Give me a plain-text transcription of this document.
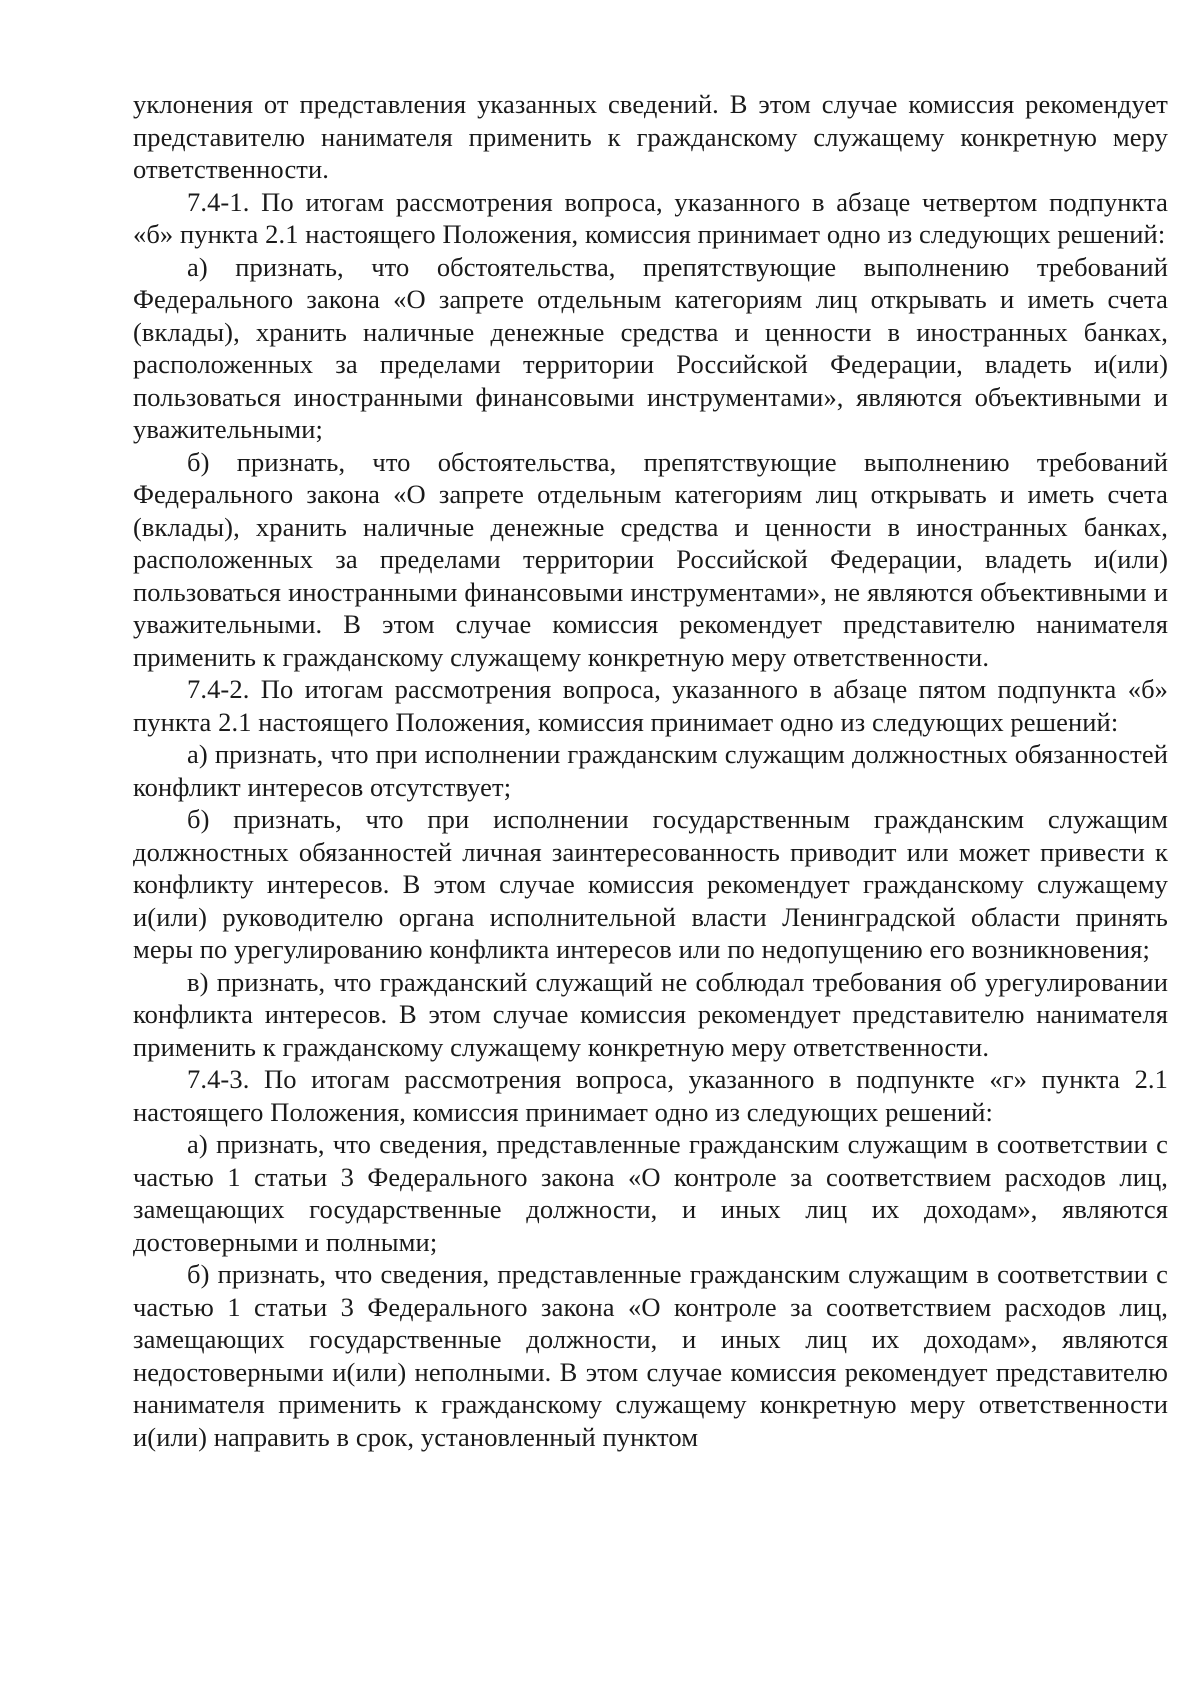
уклонения от представления указанных сведений. В этом случае комиссия рекомендует представителю нанимателя применить к гражданскому служащему конкретную меру ответственности.

7.4-1. По итогам рассмотрения вопроса, указанного в абзаце четвертом подпункта «б» пункта 2.1 настоящего Положения, комиссия принимает одно из следующих решений:

а) признать, что обстоятельства, препятствующие выполнению требований Федерального закона «О запрете отдельным категориям лиц открывать и иметь счета (вклады), хранить наличные денежные средства и ценности в иностранных банках, расположенных за пределами территории Российской Федерации, владеть и(или) пользоваться иностранными финансовыми инструментами», являются объективными и уважительными;

б) признать, что обстоятельства, препятствующие выполнению требований Федерального закона «О запрете отдельным категориям лиц открывать и иметь счета (вклады), хранить наличные денежные средства и ценности в иностранных банках, расположенных за пределами территории Российской Федерации, владеть и(или) пользоваться иностранными финансовыми инструментами», не являются объективными и уважительными. В этом случае комиссия рекомендует представителю нанимателя применить к гражданскому служащему конкретную меру ответственности.

7.4-2. По итогам рассмотрения вопроса, указанного в абзаце пятом подпункта «б» пункта 2.1 настоящего Положения, комиссия принимает одно из следующих решений:

а) признать, что при исполнении гражданским служащим должностных обязанностей конфликт интересов отсутствует;

б) признать, что при исполнении государственным гражданским служащим должностных обязанностей личная заинтересованность приводит или может привести к конфликту интересов. В этом случае комиссия рекомендует гражданскому служащему и(или) руководителю органа исполнительной власти Ленинградской области принять меры по урегулированию конфликта интересов или по недопущению его возникновения;

в) признать, что гражданский служащий не соблюдал требования об урегулировании конфликта интересов. В этом случае комиссия рекомендует представителю нанимателя применить к гражданскому служащему конкретную меру ответственности.

7.4-3. По итогам рассмотрения вопроса, указанного в подпункте «г» пункта 2.1 настоящего Положения, комиссия принимает одно из следующих решений:

а) признать, что сведения, представленные гражданским служащим в соответствии с частью 1 статьи 3 Федерального закона «О контроле за соответствием расходов лиц, замещающих государственные должности, и иных лиц их доходам», являются достоверными и полными;

б) признать, что сведения, представленные гражданским служащим в соответствии с частью 1 статьи 3 Федерального закона «О контроле за соответствием расходов лиц, замещающих государственные должности, и иных лиц их доходам», являются недостоверными и(или) неполными. В этом случае комиссия рекомендует представителю нанимателя применить к гражданскому служащему конкретную меру ответственности и(или) направить в срок, установленный пунктом
